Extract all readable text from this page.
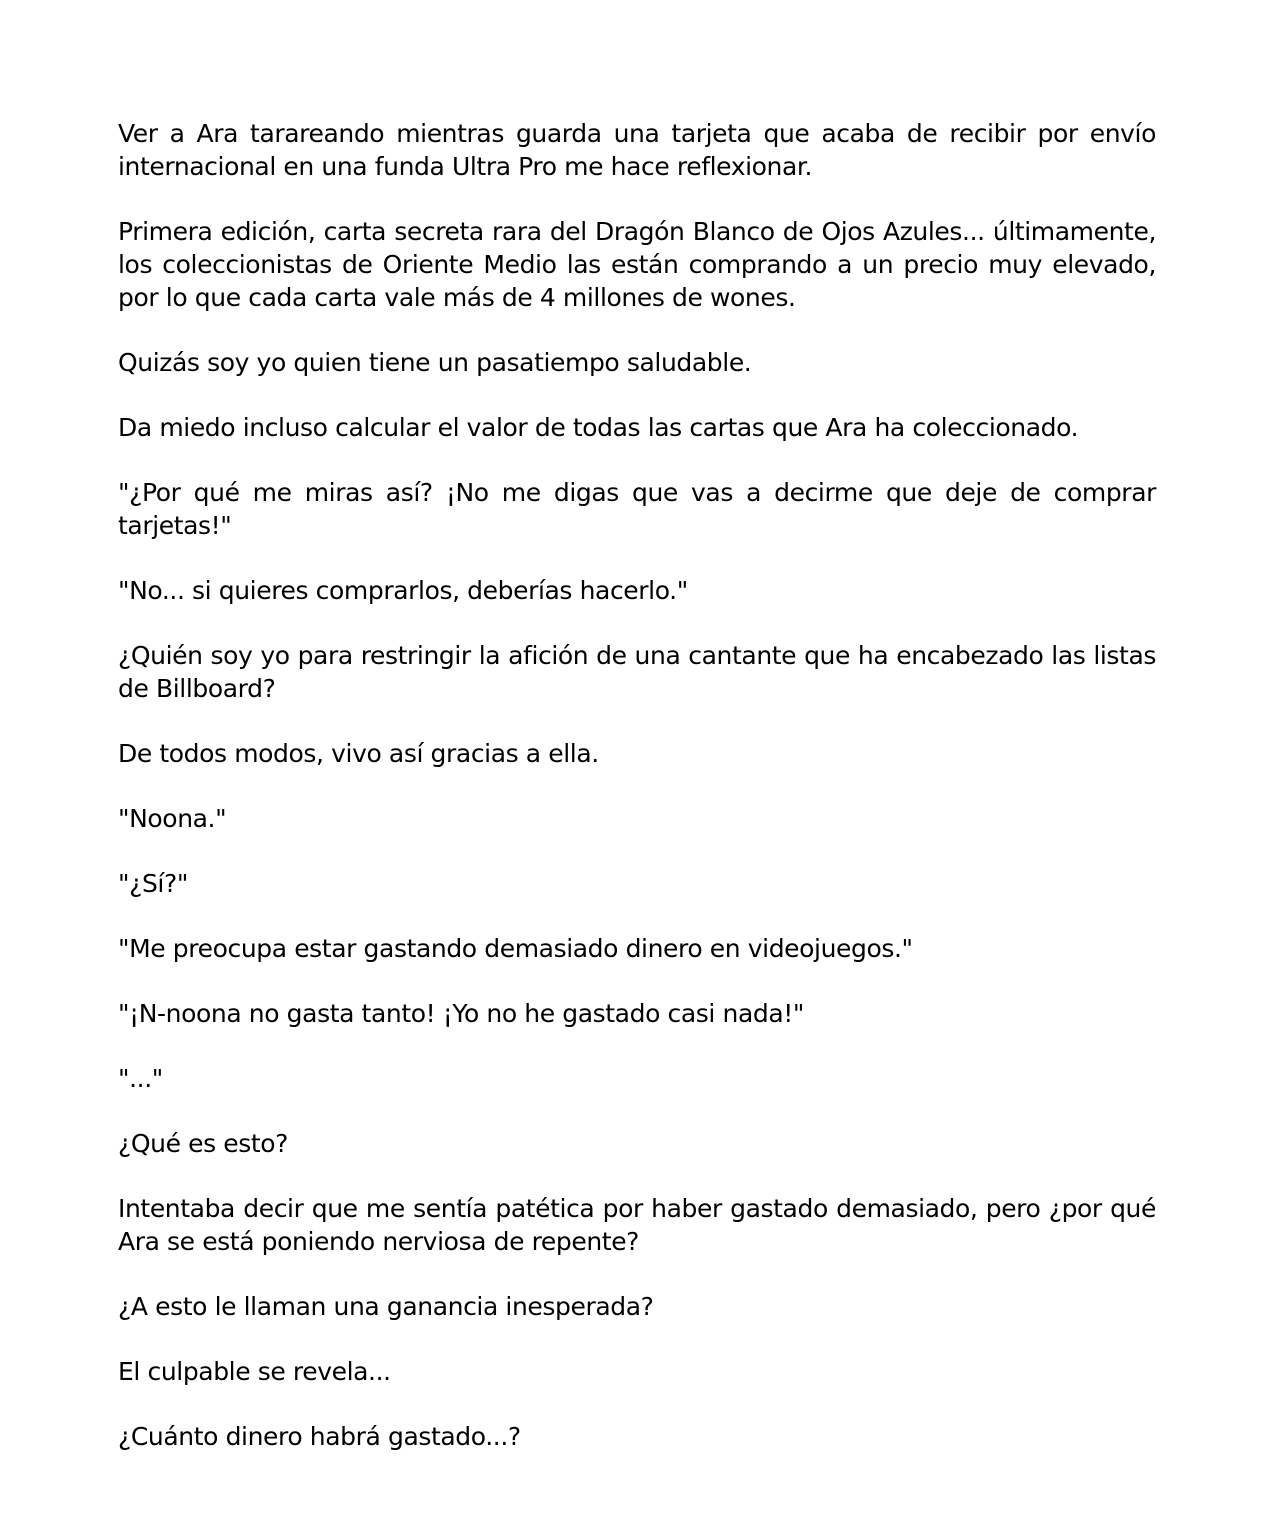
Ver a Ara tarareando mientras guarda una tarjeta que acaba de recibir por envío internacional en una funda Ultra Pro me hace reflexionar.

Primera edición, carta secreta rara del Dragón Blanco de Ojos Azules... últimamente, los coleccionistas de Oriente Medio las están comprando a un precio muy elevado, por lo que cada carta vale más de 4 millones de wones.

Quizás soy yo quien tiene un pasatiempo saludable.

Da miedo incluso calcular el valor de todas las cartas que Ara ha coleccionado.

"¿Por qué me miras así? ¡No me digas que vas a decirme que deje de comprar tarjetas!"

"No... si quieres comprarlos, deberías hacerlo."

¿Quién soy yo para restringir la afición de una cantante que ha encabezado las listas de Billboard?

De todos modos, vivo así gracias a ella.

"Noona."

"¿Sí?"

"Me preocupa estar gastando demasiado dinero en videojuegos."

"¡N-noona no gasta tanto! ¡Yo no he gastado casi nada!"

"..."

¿Qué es esto?

Intentaba decir que me sentía patética por haber gastado demasiado, pero ¿por qué Ara se está poniendo nerviosa de repente?

¿A esto le llaman una ganancia inesperada?

El culpable se revela...

¿Cuánto dinero habrá gastado...?
